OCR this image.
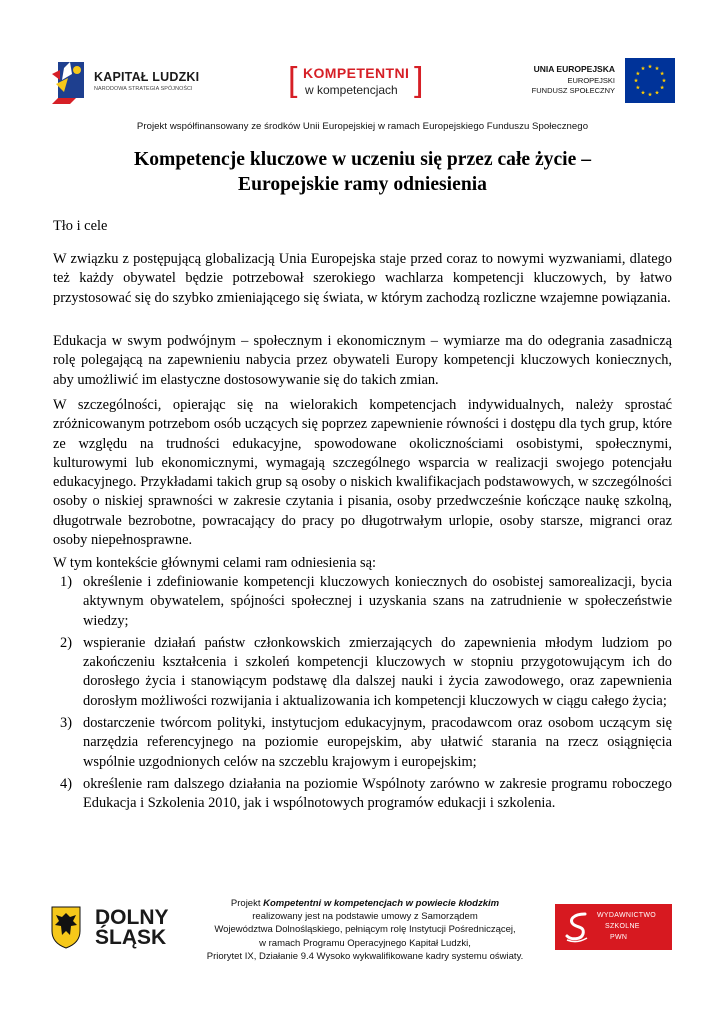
KAPITAŁ LUDZKI
NARODOWA STRATEGIA SPÓJNOŚCI	[ KOMPETENTNI
w kompetencjach ]	UNIA EUROPEJSKA
EUROPEJSKI
FUNDUSZ SPOŁECZNY
Projekt współfinansowany ze środków Unii Europejskiej w ramach Europejskiego Funduszu Społecznego
Kompetencje kluczowe w uczeniu się przez całe życie –
Europejskie ramy odniesienia
Tło i cele
W związku z postępującą globalizacją Unia Europejska staje przed coraz to nowymi wyzwaniami, dlatego też każdy obywatel będzie potrzebował szerokiego wachlarza kompetencji kluczowych, by łatwo przystosować się do szybko zmieniającego się świata, w którym zachodzą rozliczne wzajemne powiązania.
Edukacja w swym podwójnym – społecznym i ekonomicznym – wymiarze ma do odegrania zasadniczą rolę polegającą na zapewnieniu nabycia przez obywateli Europy kompetencji kluczowych koniecznych, aby umożliwić im elastyczne dostosowywanie się do takich zmian.
W szczególności, opierając się na wielorakich kompetencjach indywidualnych, należy sprostać zróżnicowanym potrzebom osób uczących się poprzez zapewnienie równości i dostępu dla tych grup, które ze względu na trudności edukacyjne, spowodowane okolicznościami osobistymi, społecznymi, kulturowymi lub ekonomicznymi, wymagają szczególnego wsparcia w realizacji swojego potencjału edukacyjnego. Przykładami takich grup są osoby o niskich kwalifikacjach podstawowych, w szczególności osoby o niskiej sprawności w zakresie czytania i pisania, osoby przedwcześnie kończące naukę szkolną, długotrwale bezrobotne, powracający do pracy po długotrwałym urlopie, osoby starsze, migranci oraz osoby niepełnosprawne.
W tym kontekście głównymi celami ram odniesienia są:
1) określenie i zdefiniowanie kompetencji kluczowych koniecznych do osobistej samorealizacji, bycia aktywnym obywatelem, spójności społecznej i uzyskania szans na zatrudnienie w społeczeństwie wiedzy;
2) wspieranie działań państw członkowskich zmierzających do zapewnienia młodym ludziom po zakończeniu kształcenia i szkoleń kompetencji kluczowych w stopniu przygotowującym ich do dorosłego życia i stanowiącym podstawę dla dalszej nauki i życia zawodowego, oraz zapewnienia dorosłym możliwości rozwijania i aktualizowania ich kompetencji kluczowych w ciągu całego życia;
3) dostarczenie twórcom polityki, instytucjom edukacyjnym, pracodawcom oraz osobom uczącym się narzędzia referencyjnego na poziomie europejskim, aby ułatwić starania na rzecz osiągnięcia wspólnie uzgodnionych celów na szczeblu krajowym i europejskim;
4) określenie ram dalszego działania na poziomie Wspólnoty zarówno w zakresie programu roboczego Edukacja i Szkolenia 2010, jak i wspólnotowych programów edukacji i szkolenia.
DOLNY
ŚLĄSK
Projekt Kompetentni w kompetencjach w powiecie kłodzkim
realizowany jest na podstawie umowy z Samorządem
Województwa Dolnośląskiego, pełniącym rolę Instytucji Pośredniczącej,
w ramach Programu Operacyjnego Kapitał Ludzki,
Priorytet IX, Działanie 9.4 Wysoko wykwalifikowane kadry systemu oświaty.
WYDAWNICTWO
SZKOLNE
PWN
